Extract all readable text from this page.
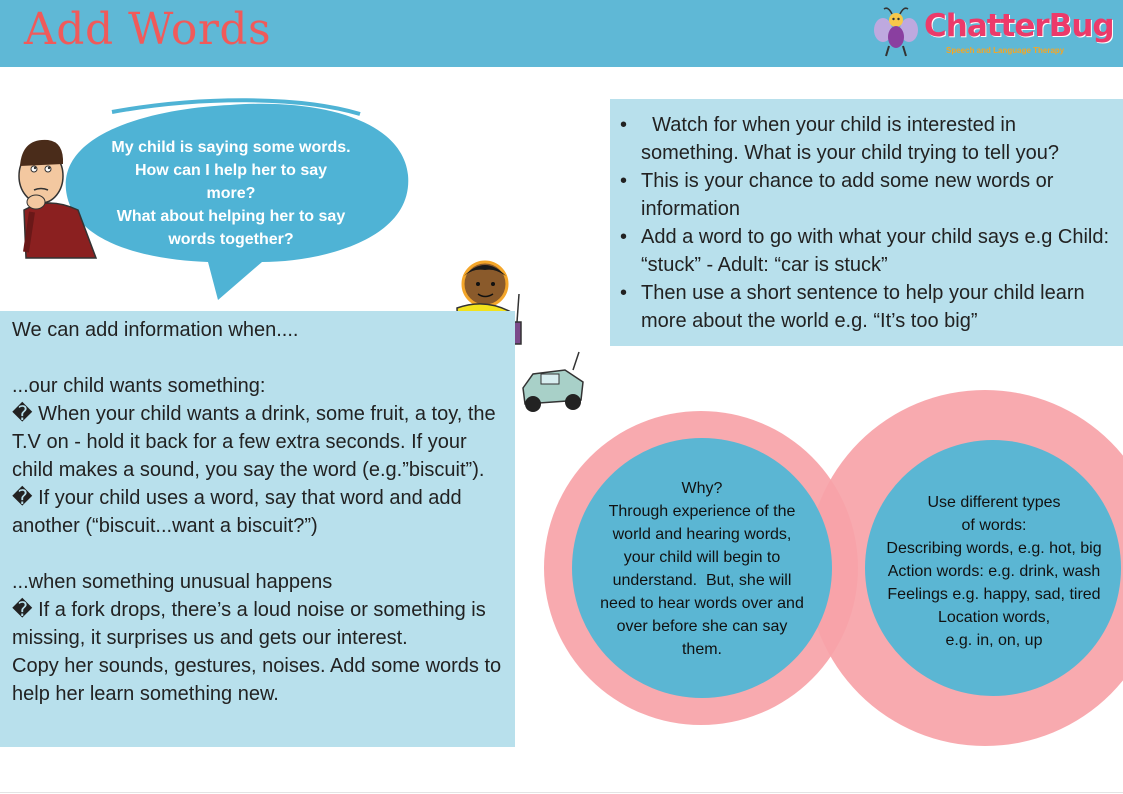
Add Words	ChatterBug
Speech and Language Therapy
My child is saying some words.
How can I help her to say
more?
What about helping her to say
words together?

We can add information when....

...our child wants something:

� When your child wants a drink, some fruit, a toy, the T.V on - hold it back for a few extra seconds. If your child makes a sound, you say the word (e.g.”biscuit”).

� If your child uses a word, say that word and add another (“biscuit...want a biscuit?”)

...when something unusual happens

� If a fork drops, there’s a loud noise or something is missing, it surprises us and gets our interest.

Copy her sounds, gestures, noises. Add some words to help her learn something new.

•   Watch for when your child is interested in something. What is your child trying to tell you?
• This is your chance to add some new words or information
• Add a word to go with what your child says e.g Child: “stuck” - Adult: “car is stuck”
• Then use a short sentence to help your child learn more about the world e.g. “It’s too big”
Why?
Through experience of the
world and hearing words,
your child will begin to
understand.  But, she will
need to hear words over and
over before she can say
them.
Use different types
of words:
Describing words, e.g. hot, big
Action words: e.g. drink, wash
Feelings e.g. happy, sad, tired
Location words,
e.g. in, on, up
